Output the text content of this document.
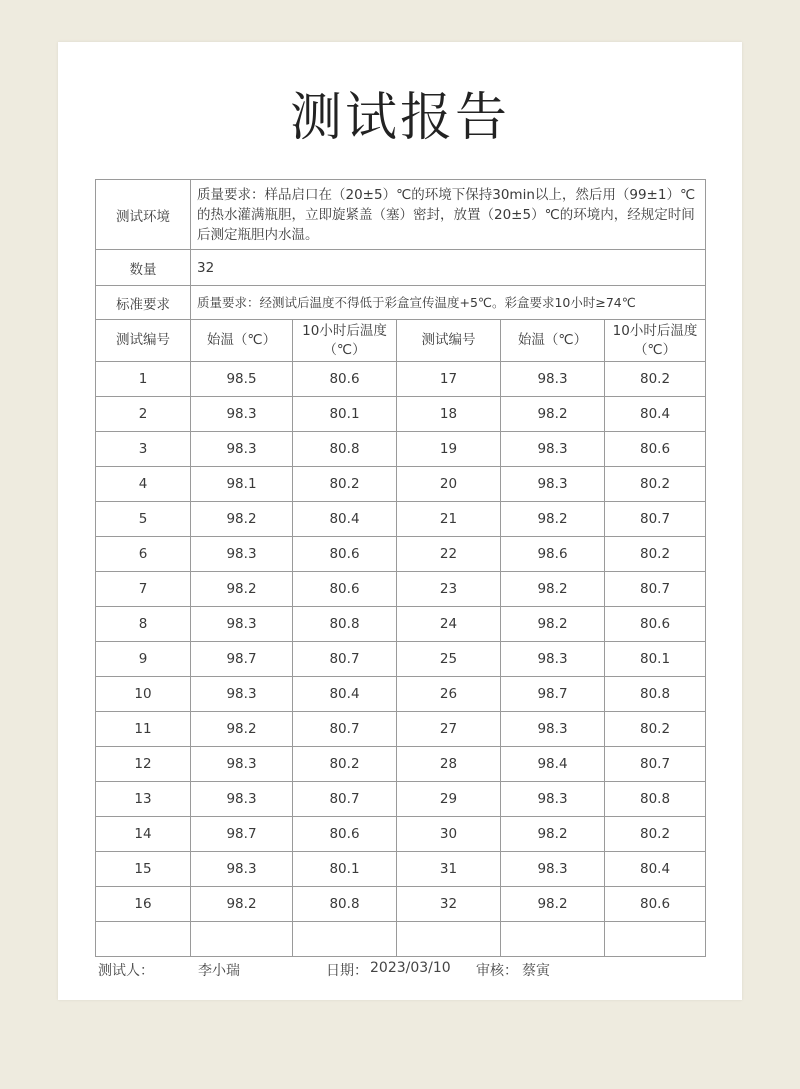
测试报告
测试环境	质量要求：样品启口在（20±5）℃的环境下保持30min以上，然后用（99±1）℃的热水灌满瓶胆，立即旋紧盖（塞）密封，放置（20±5）℃的环境内，经规定时间后测定瓶胆内水温。				
数量	32				
标准要求	质量要求：经测试后温度不得低于彩盒宣传温度+5℃。彩盒要求10小时≥74℃				
测试编号	始温（℃）	10小时后温度（℃）	测试编号	始温（℃）	10小时后温度（℃）
1	98.5	80.6	17	98.3	80.2
2	98.3	80.1	18	98.2	80.4
3	98.3	80.8	19	98.3	80.6
4	98.1	80.2	20	98.3	80.2
5	98.2	80.4	21	98.2	80.7
6	98.3	80.6	22	98.6	80.2
7	98.2	80.6	23	98.2	80.7
8	98.3	80.8	24	98.2	80.6
9	98.7	80.7	25	98.3	80.1
10	98.3	80.4	26	98.7	80.8
11	98.2	80.7	27	98.3	80.2
12	98.3	80.2	28	98.4	80.7
13	98.3	80.7	29	98.3	80.8
14	98.7	80.6	30	98.2	80.2
15	98.3	80.1	31	98.3	80.4
16	98.2	80.8	32	98.2	80.6

测试人：	李小瑞	日期： 2023/03/10 审核： 蔡寅
